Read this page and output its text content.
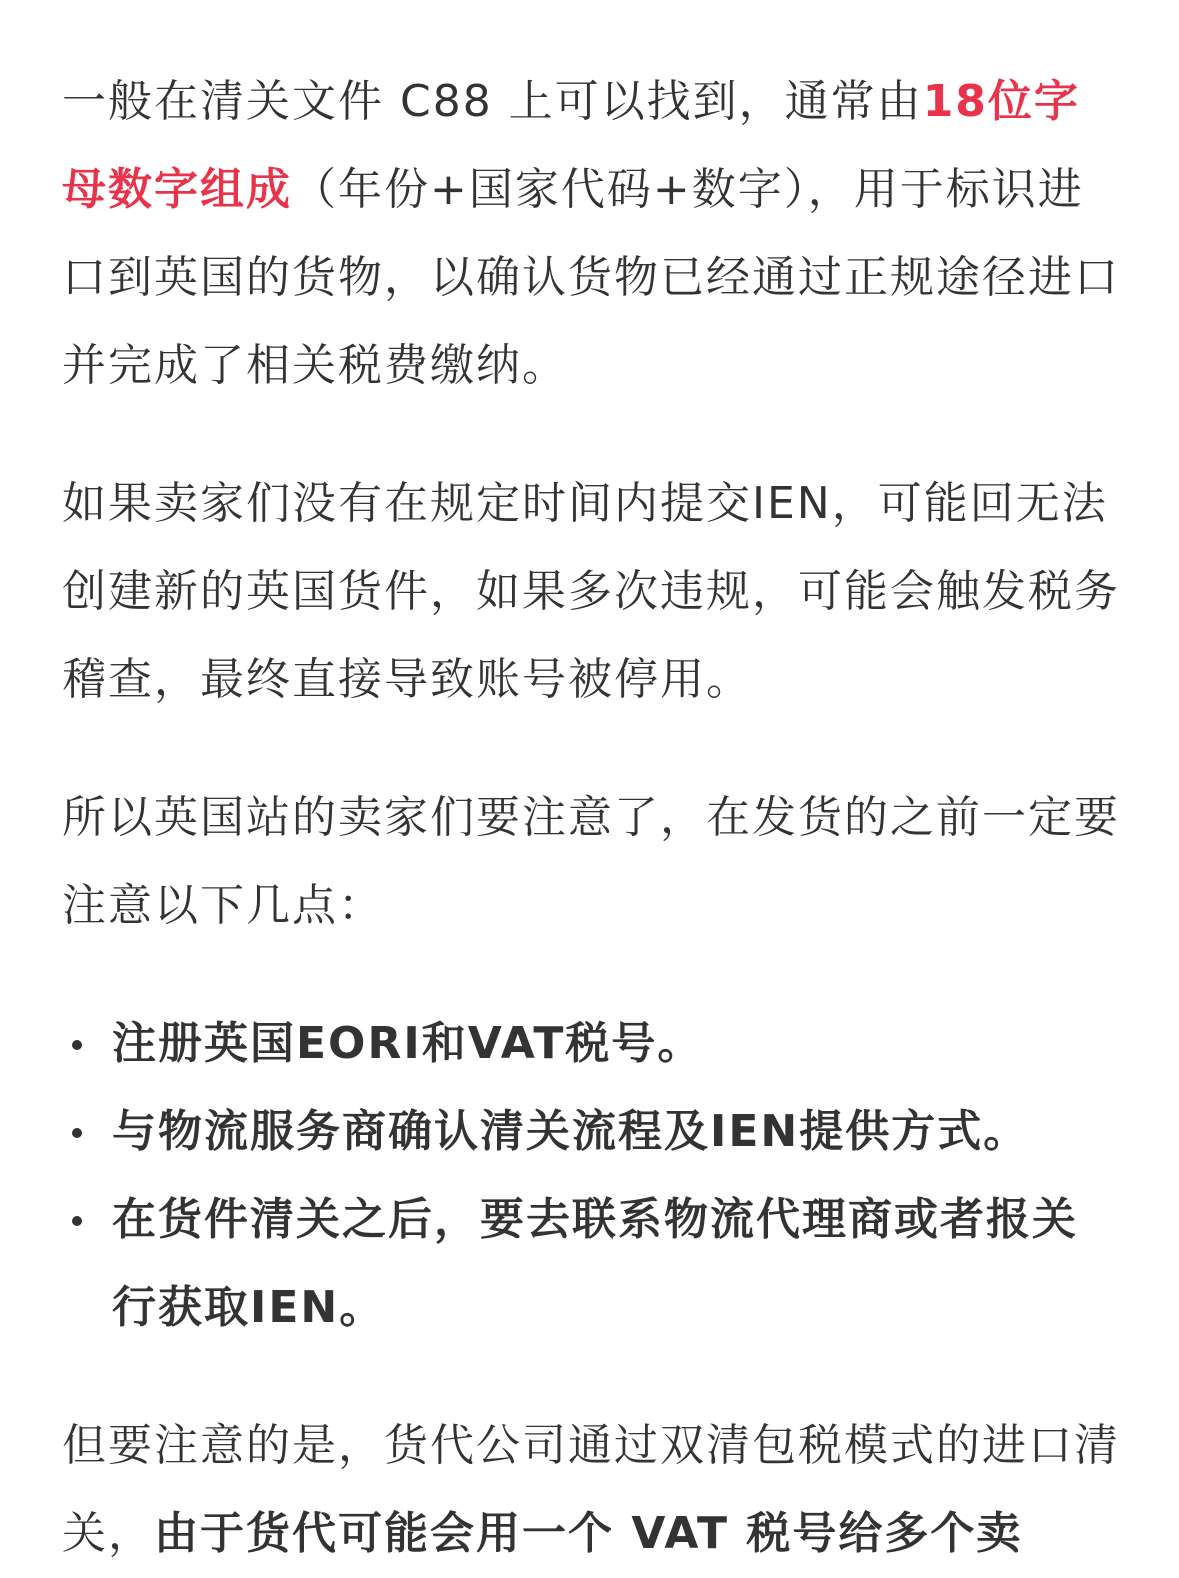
一般在清关文件 C88 上可以找到，通常由18位字母数字组成（年份+国家代码+数字），用于标识进口到英国的货物，以确认货物已经通过正规途径进口并完成了相关税费缴纳。

如果卖家们没有在规定时间内提交IEN，可能回无法创建新的英国货件，如果多次违规，可能会触发税务稽查，最终直接导致账号被停用。

所以英国站的卖家们要注意了，在发货的之前一定要注意以下几点：

注册英国EORI和VAT税号。
与物流服务商确认清关流程及IEN提供方式。
在货件清关之后，要去联系物流代理商或者报关行获取IEN。

但要注意的是，货代公司通过双清包税模式的进口清关，由于货代可能会用一个 VAT 税号给多个卖
